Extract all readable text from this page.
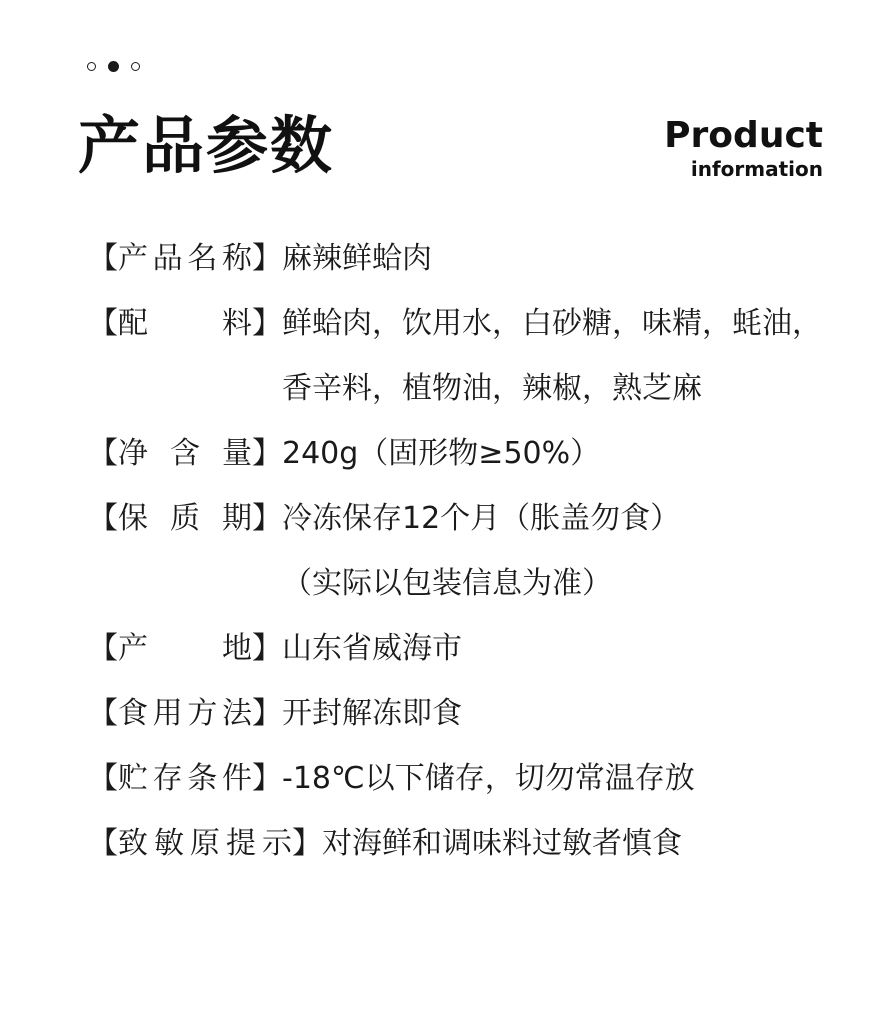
产品参数	Product
information
【产品名称】 麻辣鲜蛤肉
【配料】 鲜蛤肉，饮用水，白砂糖，味精，蚝油，
香辛料，植物油，辣椒，熟芝麻
【净含量】 240g（固形物≥50%）
【保质期】 冷冻保存12个月（胀盖勿食）
（实际以包装信息为准）
【产地】 山东省威海市
【食用方法】 开封解冻即食
【贮存条件】 -18℃以下储存，切勿常温存放
【致敏原提示】 对海鲜和调味料过敏者慎食
